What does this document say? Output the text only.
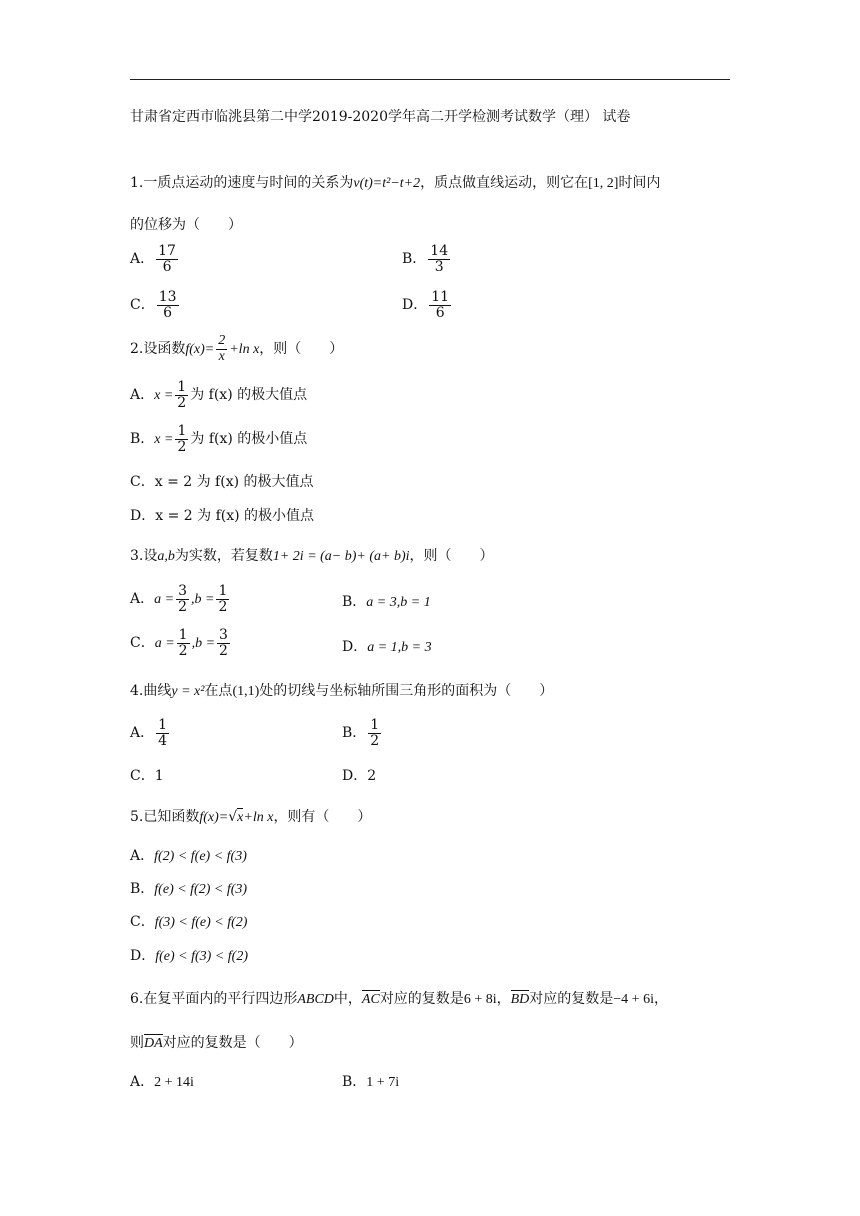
甘肃省定西市临洮县第二中学2019-2020学年高二开学检测考试数学（理） 试卷
1.一质点运动的速度与时间的关系为v(t)=t²−t+2，质点做直线运动，则它在[1, 2]时间内
的位移为（　　）
A． $\frac{17}{6}$	B． $\frac{14}{3}$
C． $\frac{13}{6}$	D． $\frac{11}{6}$
2.设函数$f(x)= \frac{2}{x} +\ln$ x，则（　　）
A．$x = \frac{1}{2}$ 为 f(x) 的极大值点
B．$x = \frac{1}{2}$ 为 f(x) 的极小值点
C．x = 2 为 f(x) 的极大值点
D．x = 2 为 f(x) 的极小值点
3.设a,b为实数，若复数1+ 2i = (a− b)+ (a+ b)i，则（　　）
A．$a = \frac{3}{2} ,b = \frac{1}{2}$	B．a = 3,b = 1
C．$a = \frac{1}{2} ,b = \frac{3}{2}$	D．a = 1,b = 3
4.曲线y = x²在点(1,1)处的切线与坐标轴所围三角形的面积为（　　）
A． $\frac{1}{4}$	B． $\frac{1}{2}$
C．1	D．2
5.已知函数f(x)=√x+ln x，则有（　　）
A．f(2) < f(e) < f(3)
B．f(e) < f(2) < f(3)
C．f(3) < f(e) < f(2)
D．f(e) < f(3) < f(2)
6.在复平面内的平行四边形ABCD中，AC对应的复数是6 + 8i，BD对应的复数是−4 + 6i，
则DA对应的复数是（　　）
A．2 + 14i	B．1 + 7i
